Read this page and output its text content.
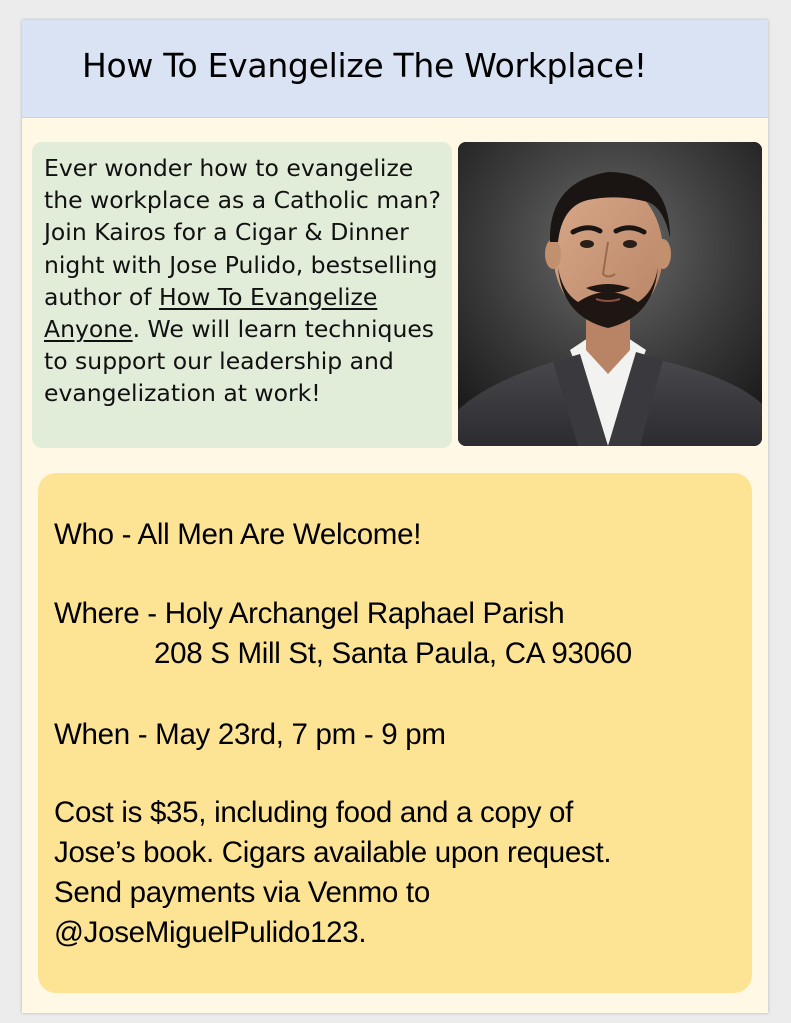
How To Evangelize The Workplace!

Ever wonder how to evangelize the workplace as a Catholic man? Join Kairos for a Cigar & Dinner night with Jose Pulido, bestselling author of How To Evangelize Anyone. We will learn techniques to support our leadership and evangelization at work!

Who - All Men Are Welcome!
Where - Holy Archangel Raphael Parish
208 S Mill St, Santa Paula, CA 93060
When - May 23rd, 7 pm - 9 pm
Cost is $35, including food and a copy of
Jose’s book. Cigars available upon request.
Send payments via Venmo to
@JoseMiguelPulido123.
